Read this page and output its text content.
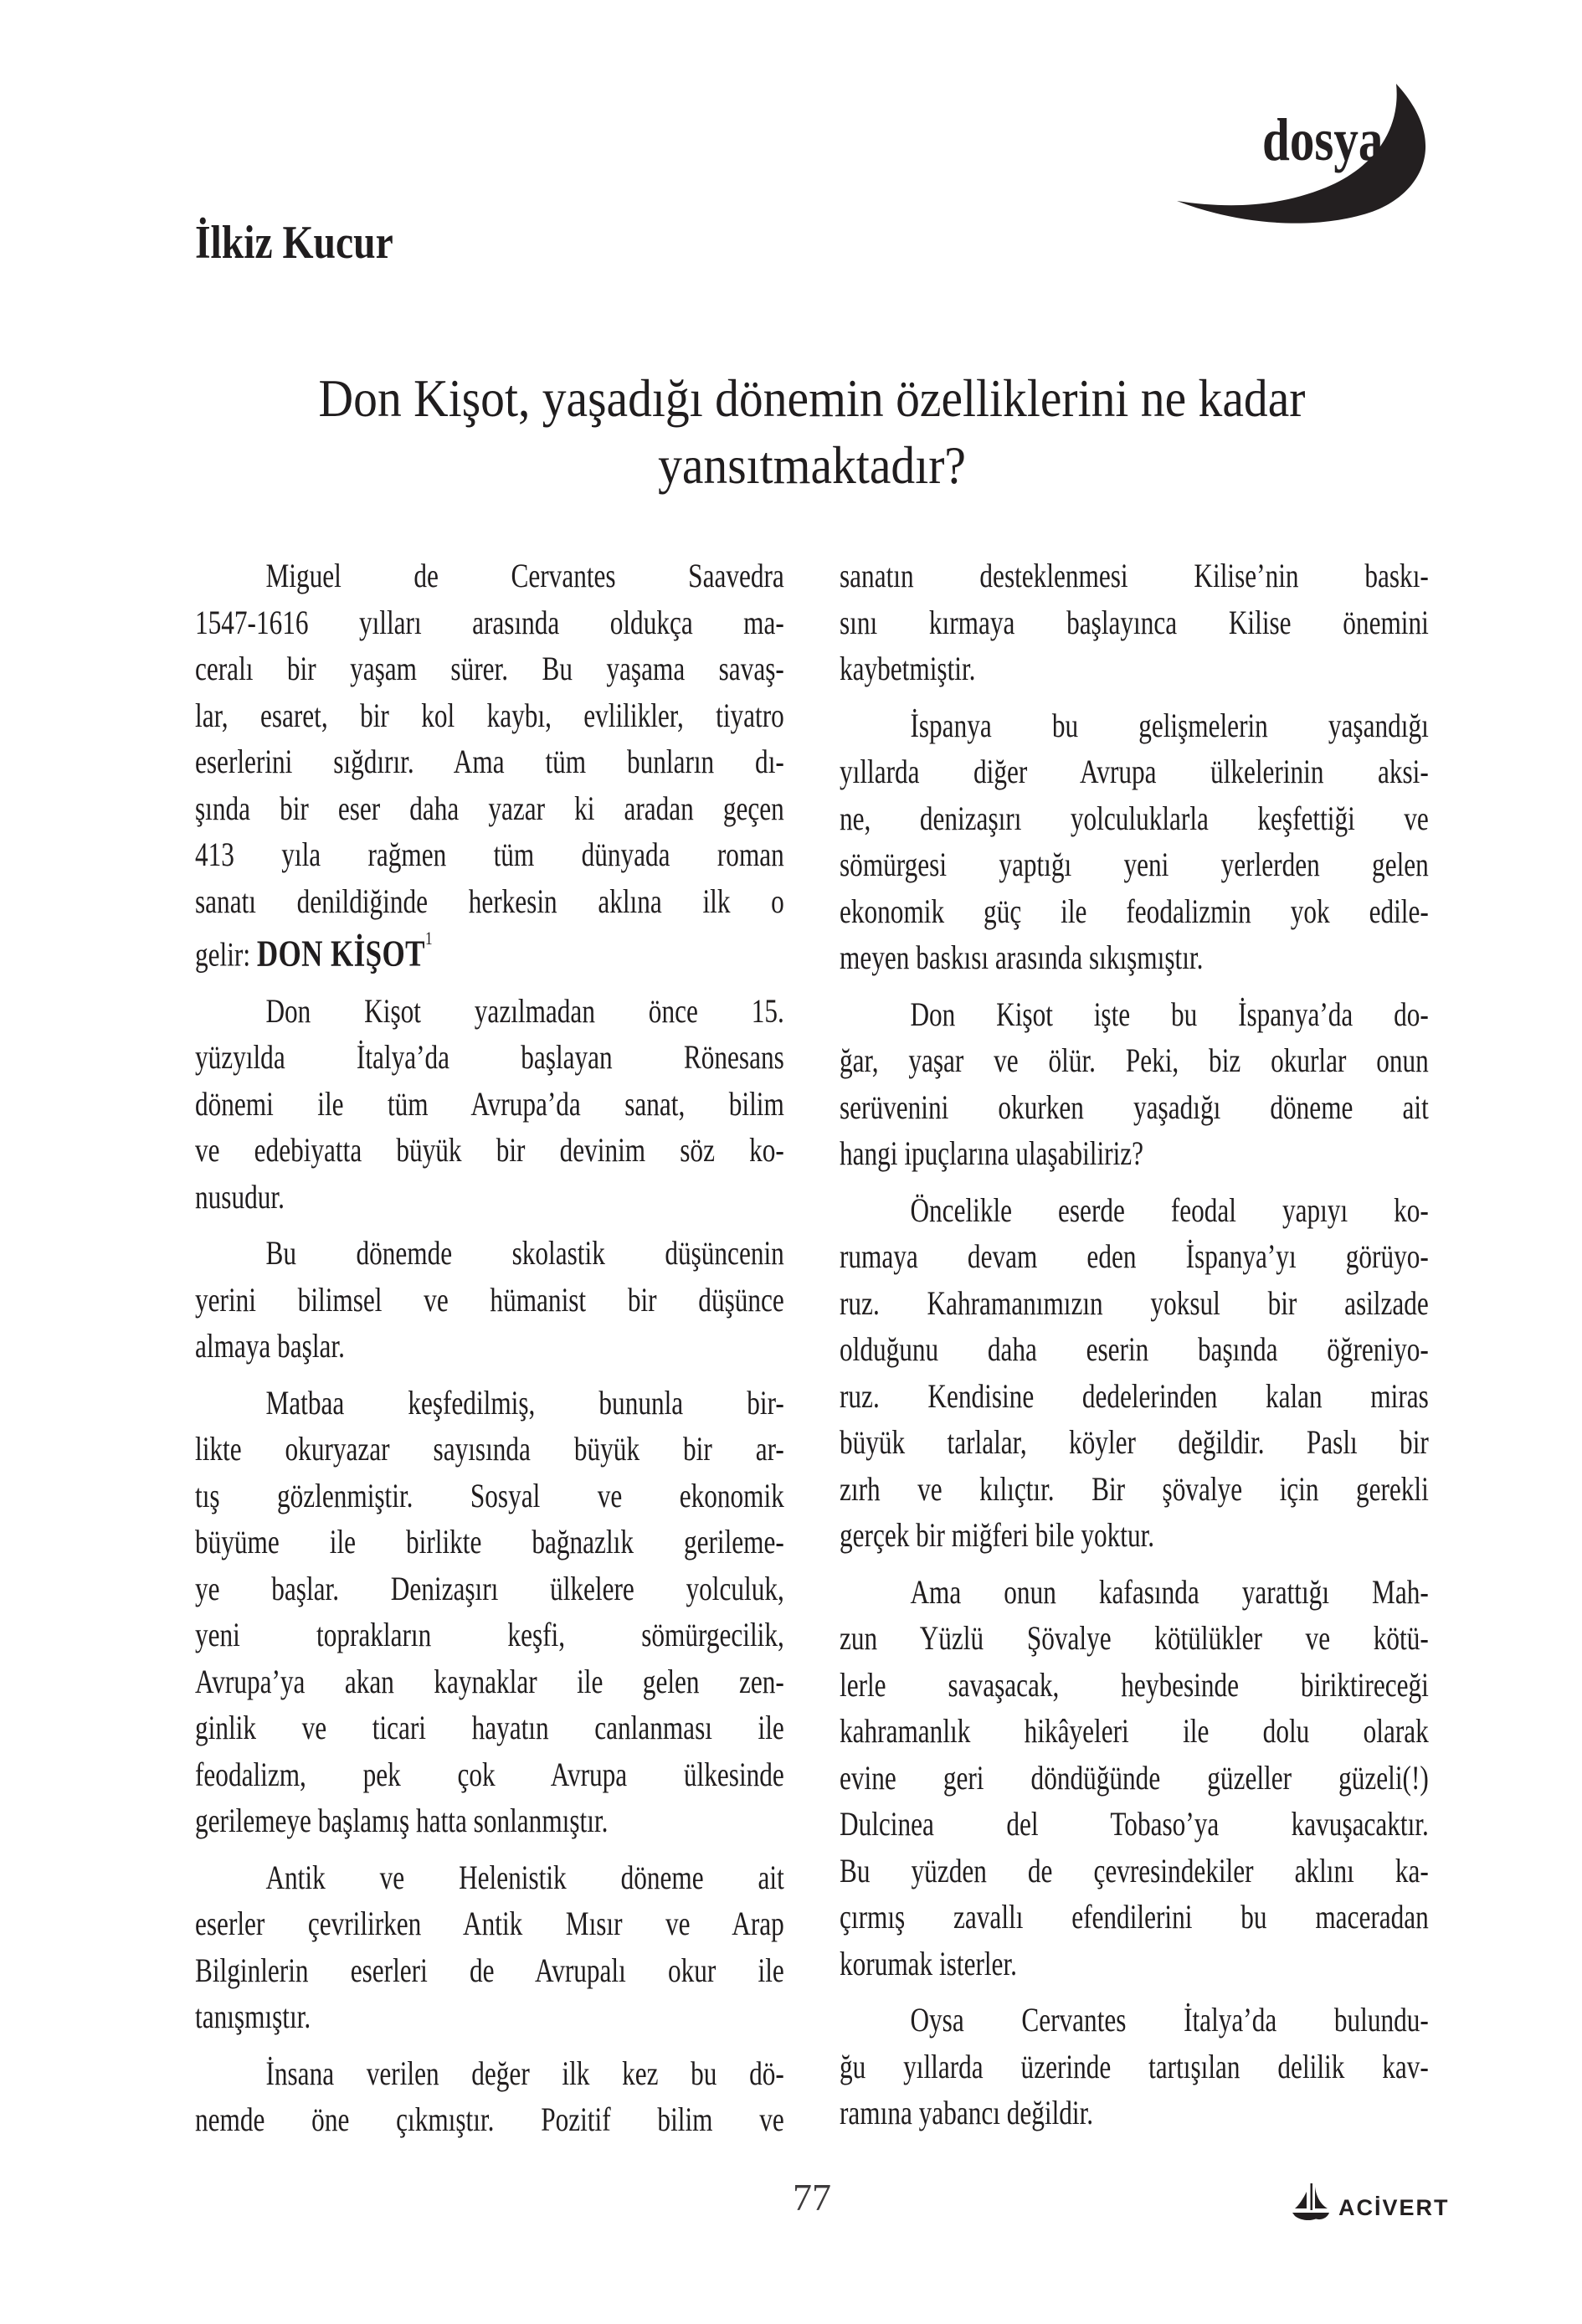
dosya
İlkiz Kucur
Don Kişot, yaşadığı dönemin özelliklerini ne kadar
yansıtmaktadır?
Miguel de Cervantes Saavedra
1547-1616 yılları arasında oldukça ma-
ceralı bir yaşam sürer. Bu yaşama savaş-
lar, esaret, bir kol kaybı, evlilikler, tiyatro
eserlerini sığdırır. Ama tüm bunların dı-
şında bir eser daha yazar ki aradan geçen
413 yıla rağmen tüm dünyada roman
sanatı denildiğinde herkesin aklına ilk o
gelir: DON KİŞOT$^1$
Don Kişot yazılmadan önce 15.
yüzyılda İtalya’da başlayan Rönesans
dönemi ile tüm Avrupa’da sanat, bilim
ve edebiyatta büyük bir devinim söz ko-
nusudur.
Bu dönemde skolastik düşüncenin
yerini bilimsel ve hümanist bir düşünce
almaya başlar.
Matbaa keşfedilmiş, bununla bir-
likte okuryazar sayısında büyük bir ar-
tış gözlenmiştir. Sosyal ve ekonomik
büyüme ile birlikte bağnazlık gerileme-
ye başlar. Denizaşırı ülkelere yolculuk,
yeni toprakların keşfi, sömürgecilik,
Avrupa’ya akan kaynaklar ile gelen zen-
ginlik ve ticari hayatın canlanması ile
feodalizm, pek çok Avrupa ülkesinde
gerilemeye başlamış hatta sonlanmıştır.
Antik ve Helenistik döneme ait
eserler çevrilirken Antik Mısır ve Arap
Bilginlerin eserleri de Avrupalı okur ile
tanışmıştır.
İnsana verilen değer ilk kez bu dö-
nemde öne çıkmıştır. Pozitif bilim ve
sanatın desteklenmesi Kilise’nin baskı-
sını kırmaya başlayınca Kilise önemini
kaybetmiştir.
İspanya bu gelişmelerin yaşandığı
yıllarda diğer Avrupa ülkelerinin aksi-
ne, denizaşırı yolculuklarla keşfettiği ve
sömürgesi yaptığı yeni yerlerden gelen
ekonomik güç ile feodalizmin yok edile-
meyen baskısı arasında sıkışmıştır.
Don Kişot işte bu İspanya’da do-
ğar, yaşar ve ölür. Peki, biz okurlar onun
serüvenini okurken yaşadığı döneme ait
hangi ipuçlarına ulaşabiliriz?
Öncelikle eserde feodal yapıyı ko-
rumaya devam eden İspanya’yı görüyo-
ruz. Kahramanımızın yoksul bir asilzade
olduğunu daha eserin başında öğreniyo-
ruz. Kendisine dedelerinden kalan miras
büyük tarlalar, köyler değildir. Paslı bir
zırh ve kılıçtır. Bir şövalye için gerekli
gerçek bir miğferi bile yoktur.
Ama onun kafasında yarattığı Mah-
zun Yüzlü Şövalye kötülükler ve kötü-
lerle savaşacak, heybesinde biriktireceği
kahramanlık hikâyeleri ile dolu olarak
evine geri döndüğünde güzeller güzeli(!)
Dulcinea del Tobaso’ya kavuşacaktır.
Bu yüzden de çevresindekiler aklını ka-
çırmış zavallı efendilerini bu maceradan
korumak isterler.
Oysa Cervantes İtalya’da bulundu-
ğu yıllarda üzerinde tartışılan delilik kav-
ramına yabancı değildir.
77	ACİVERT
